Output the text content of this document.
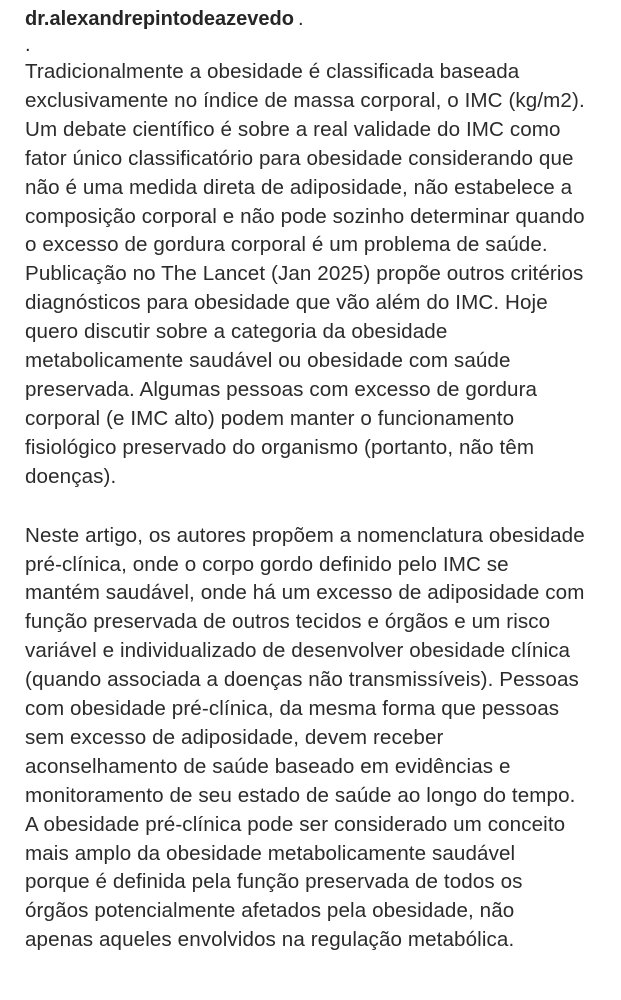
dr.alexandrepintodeazevedo .
.
Tradicionalmente a obesidade é classificada baseada
exclusivamente no índice de massa corporal, o IMC (kg/m2).
Um debate científico é sobre a real validade do IMC como
fator único classificatório para obesidade considerando que
não é uma medida direta de adiposidade, não estabelece a
composição corporal e não pode sozinho determinar quando
o excesso de gordura corporal é um problema de saúde.
Publicação no The Lancet (Jan 2025) propõe outros critérios
diagnósticos para obesidade que vão além do IMC. Hoje
quero discutir sobre a categoria da obesidade
metabolicamente saudável ou obesidade com saúde
preservada. Algumas pessoas com excesso de gordura
corporal (e IMC alto) podem manter o funcionamento
fisiológico preservado do organismo (portanto, não têm
doenças).
Neste artigo, os autores propõem a nomenclatura obesidade
pré-clínica, onde o corpo gordo definido pelo IMC se
mantém saudável, onde há um excesso de adiposidade com
função preservada de outros tecidos e órgãos e um risco
variável e individualizado de desenvolver obesidade clínica
(quando associada a doenças não transmissíveis). Pessoas
com obesidade pré-clínica, da mesma forma que pessoas
sem excesso de adiposidade, devem receber
aconselhamento de saúde baseado em evidências e
monitoramento de seu estado de saúde ao longo do tempo.
A obesidade pré-clínica pode ser considerado um conceito
mais amplo da obesidade metabolicamente saudável
porque é definida pela função preservada de todos os
órgãos potencialmente afetados pela obesidade, não
apenas aqueles envolvidos na regulação metabólica.
